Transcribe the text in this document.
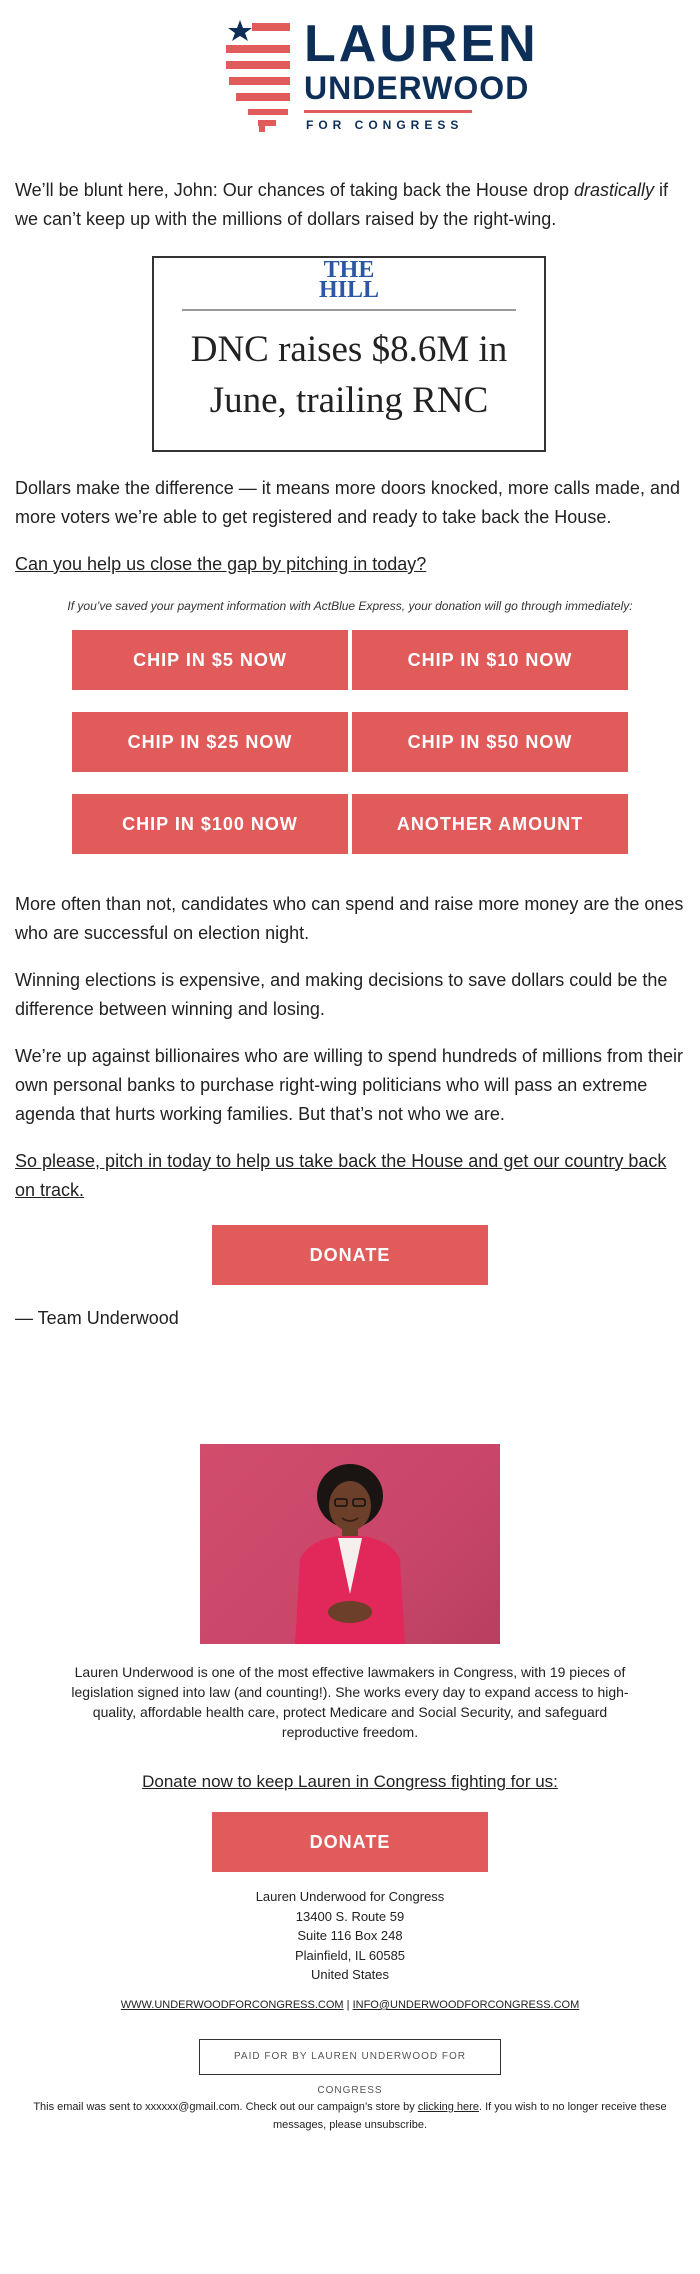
LAUREN
UNDERWOOD
FOR CONGRESS

We’ll be blunt here, John: Our chances of taking back the House drop drastically if we can’t keep up with the millions of dollars raised by the right-wing.

THE
HILL
DNC raises $8.6M in
June, trailing RNC

Dollars make the difference — it means more doors knocked, more calls made, and more voters we’re able to get registered and ready to take back the House.

Can you help us close the gap by pitching in today?

If you’ve saved your payment information with ActBlue Express, your donation will go through immediately:
CHIP IN $5 NOW	CHIP IN $10 NOW
CHIP IN $25 NOW	CHIP IN $50 NOW
CHIP IN $100 NOW	ANOTHER AMOUNT

More often than not, candidates who can spend and raise more money are the ones who are successful on election night.

Winning elections is expensive, and making decisions to save dollars could be the difference between winning and losing.

We’re up against billionaires who are willing to spend hundreds of millions from their own personal banks to purchase right-wing politicians who will pass an extreme agenda that hurts working families. But that’s not who we are.

So please, pitch in today to help us take back the House and get our country back on track.

DONATE

— Team Underwood

Lauren Underwood is one of the most effective lawmakers in Congress, with 19 pieces of legislation signed into law (and counting!). She works every day to expand access to high-quality, affordable health care, protect Medicare and Social Security, and safeguard reproductive freedom.
Donate now to keep Lauren in Congress fighting for us:
DONATE
Lauren Underwood for Congress
13400 S. Route 59
Suite 116 Box 248
Plainfield, IL 60585
United States
WWW.UNDERWOODFORCONGRESS.COM | INFO@UNDERWOODFORCONGRESS.COM
PAID FOR BY LAUREN UNDERWOOD FOR CONGRESS
This email was sent to xxxxxx@gmail.com. Check out our campaign’s store by clicking here. If you wish to no longer receive these messages, please unsubscribe.
